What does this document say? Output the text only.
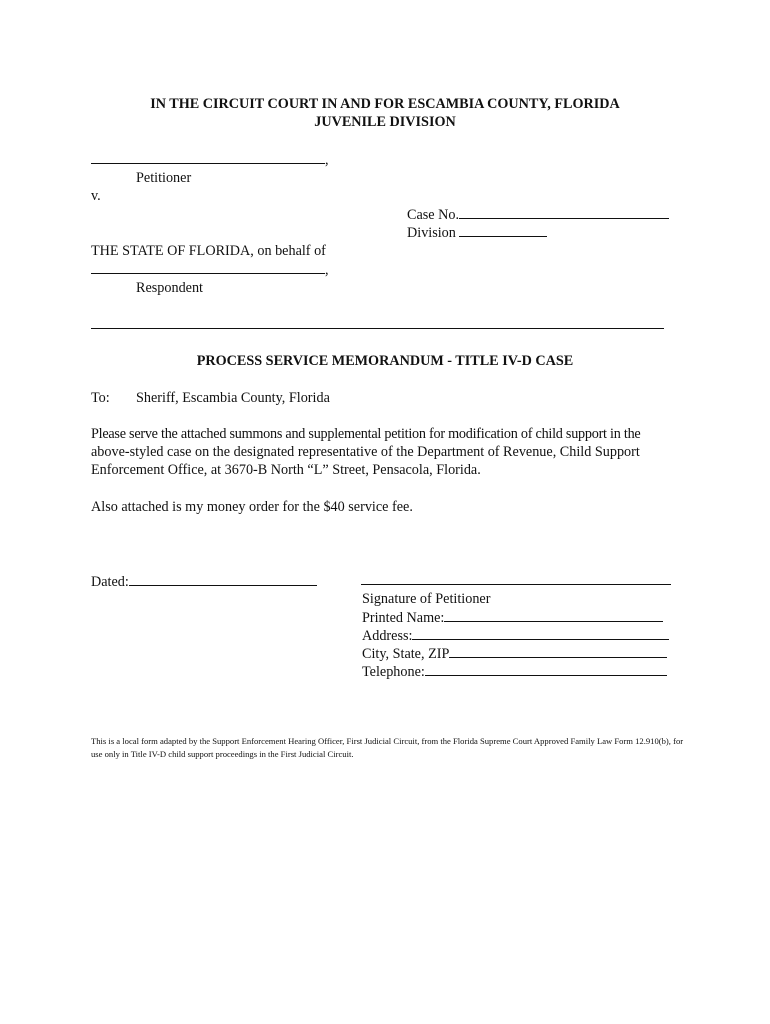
IN THE CIRCUIT COURT IN AND FOR ESCAMBIA COUNTY, FLORIDA
JUVENILE DIVISION
,
Petitioner
v.
Case No.
Division
THE STATE OF FLORIDA, on behalf of
,
Respondent
PROCESS SERVICE MEMORANDUM - TITLE IV-D CASE
To: Sheriff, Escambia County, Florida
Please serve the attached summons and supplemental petition for modification of child support in the
above-styled case on the designated representative of the Department of Revenue, Child Support
Enforcement Office, at 3670-B North “L” Street, Pensacola, Florida.
Also attached is my money order for the $40 service fee.
Dated:
Signature of Petitioner
Printed Name:
Address:
City, State, ZIP
Telephone:
This is a local form adapted by the Support Enforcement Hearing Officer, First Judicial Circuit, from the Florida Supreme Court Approved Family Law Form 12.910(b), for use only in Title IV-D child support proceedings in the First Judicial Circuit.
